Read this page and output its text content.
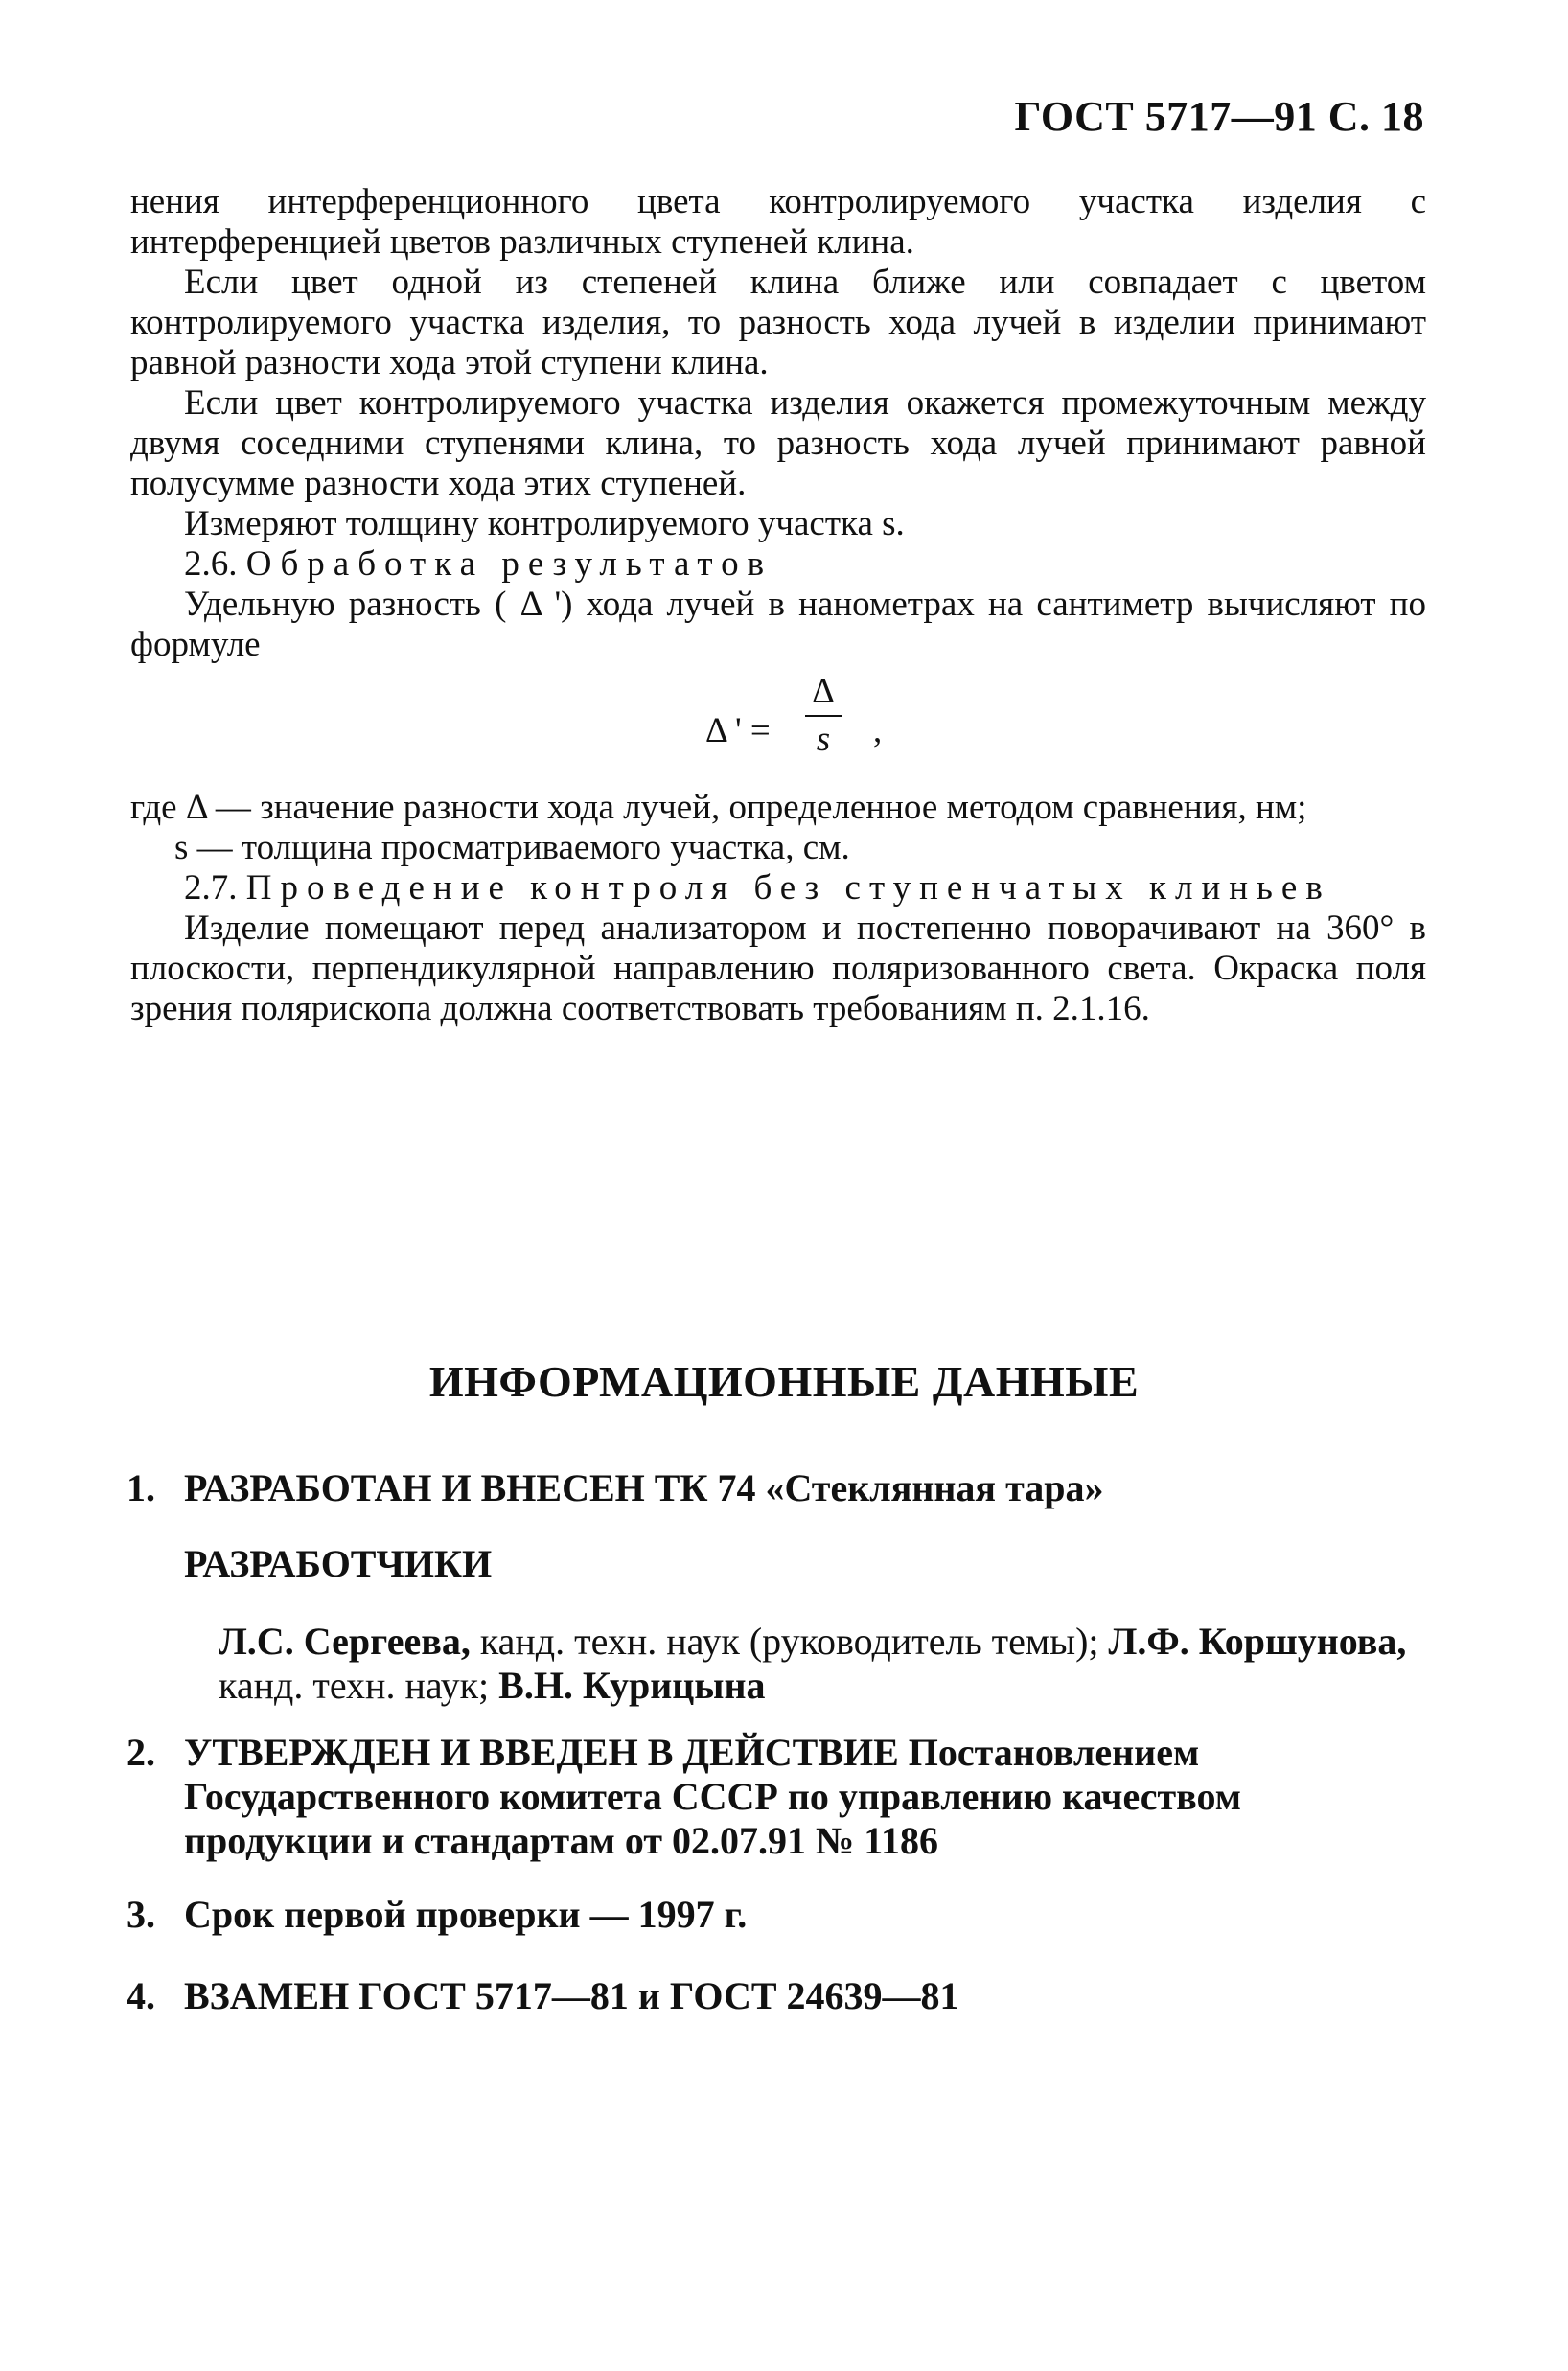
ГОСТ 5717—91 С. 18

нения интерференционного цвета контролируемого участка изделия с интерференцией цветов различных ступеней клина.

Если цвет одной из степеней клина ближе или совпадает с цветом контролируемого участка изделия, то разность хода лучей в изделии принимают равной разности хода этой ступени клина.

Если цвет контролируемого участка изделия окажется промежуточным между двумя соседними ступенями клина, то разность хода лучей принимают равной полусумме разности хода этих ступеней.

Измеряют толщину контролируемого участка s.

2.6. Обработка результатов

Удельную разность ( Δ ') хода лучей в нанометрах на сантиметр вычисляют по формуле

Δ ' =
Δ
s	,

где Δ — значение разности хода лучей, определенное методом сравнения, нм;

s — толщина просматриваемого участка, см.

2.7. Проведение контроля без ступенчатых клиньев

Изделие помещают перед анализатором и постепенно поворачивают на 360° в плоскости, перпендикулярной направлению поляризованного света. Окраска поля зрения полярископа должна соответствовать требованиям п. 2.1.16.

ИНФОРМАЦИОННЫЕ ДАННЫЕ
1. РАЗРАБОТАН И ВНЕСЕН ТК 74 «Стеклянная тара»
РАЗРАБОТЧИКИ
Л.С. Сергеева, канд. техн. наук (руководитель темы); Л.Ф. Коршунова, канд. техн. наук; В.Н. Курицына
2. УТВЕРЖДЕН И ВВЕДЕН В ДЕЙСТВИЕ Постановлением Государственного комитета СССР по управлению качеством продукции и стандартам от 02.07.91 № 1186
3. Срок первой проверки — 1997 г.
4. ВЗАМЕН ГОСТ 5717—81 и ГОСТ 24639—81
